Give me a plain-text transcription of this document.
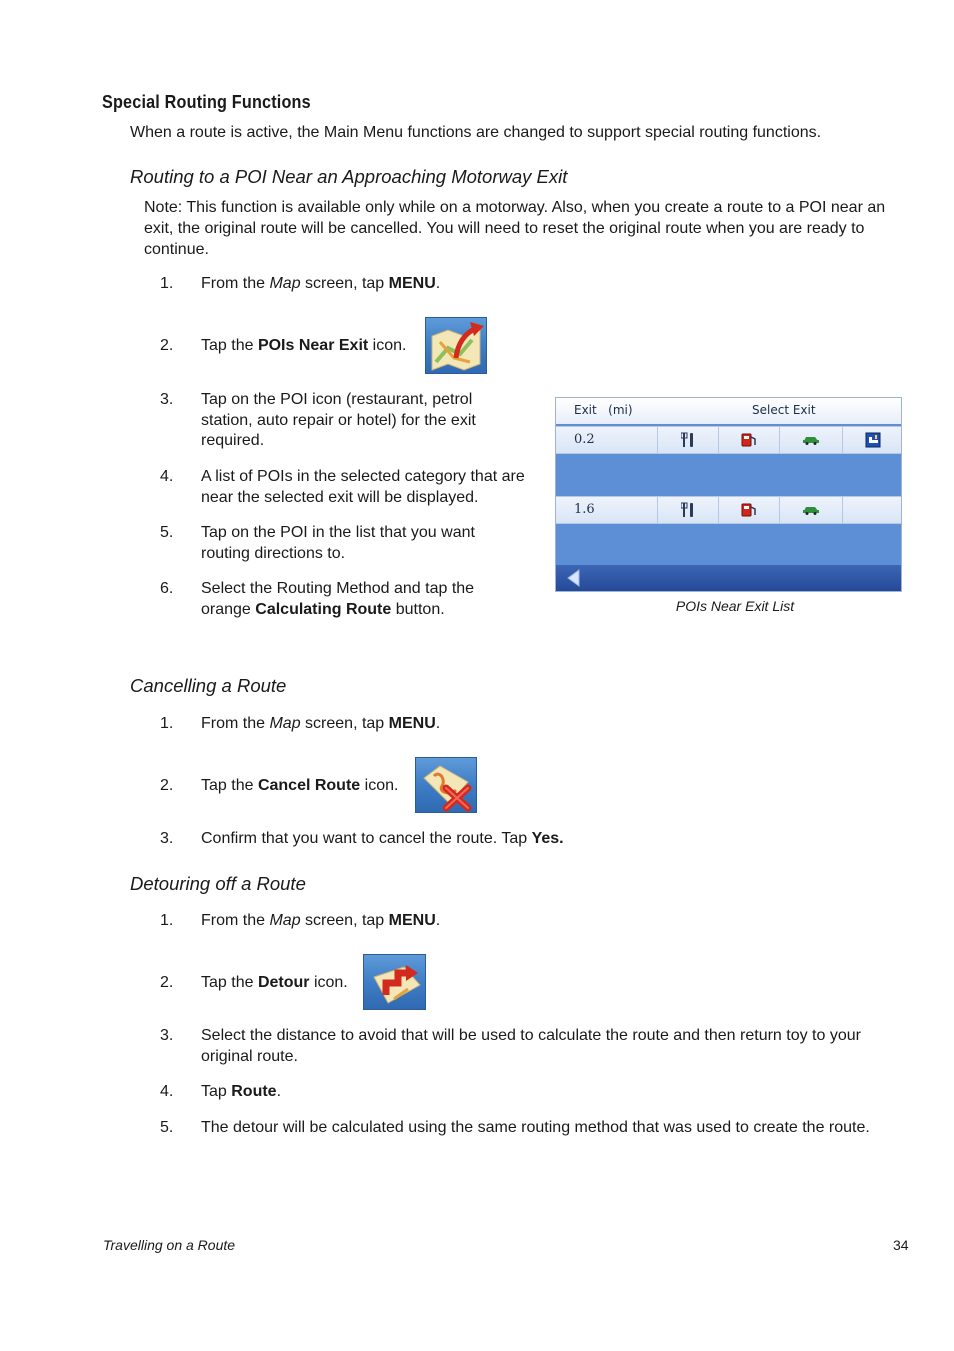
Special Routing Functions
When a route is active, the Main Menu functions are changed to support special routing functions.
Routing to a POI Near an Approaching Motorway Exit
Note: This function is available only while on a motorway. Also, when you create a route to a POI near an exit, the original route will be cancelled. You will need to reset the original route when you are ready to continue.
1.	From the Map screen, tap MENU.
2.	Tap the POIs Near Exit icon.
3.	Tap on the POI icon (restaurant, petrol station, auto repair or hotel) for the exit required.
4.	A list of POIs in the selected category that are near the selected exit will be displayed.
5.	Tap on the POI in the list that you want routing directions to.
6.	Select the Routing Method and tap the orange Calculating Route button.
Exit   (mi)	Select Exit
0.2
1.6
POIs Near Exit List
Cancelling a Route
1.	From the Map screen, tap MENU.
2.	Tap the Cancel Route icon.
3.	Confirm that you want to cancel the route. Tap Yes.
Detouring off a Route
1.	From the Map screen, tap MENU.
2.	Tap the Detour icon.
3.	Select the distance to avoid that will be used to calculate the route and then return toy to your original route.
4.	Tap Route.
5.	The detour will be calculated using the same routing method that was used to create the route.
Travelling on a Route	34
